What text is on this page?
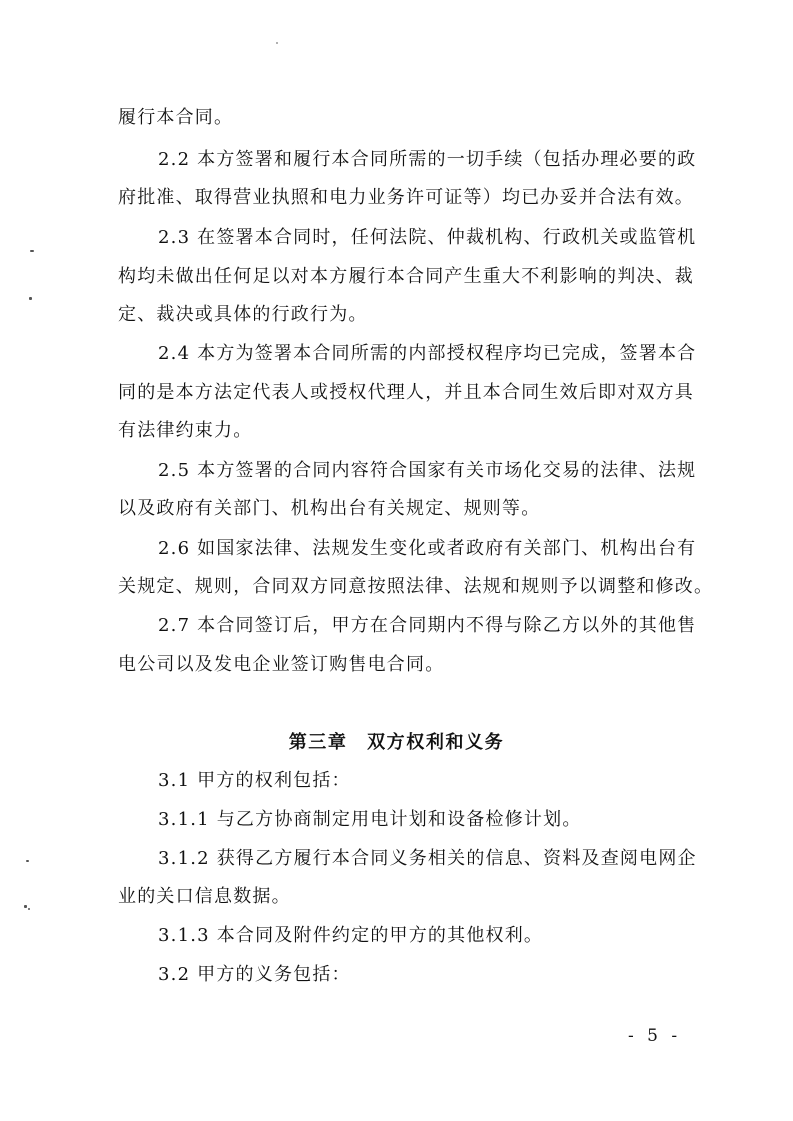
履行本合同。
2.2 本方签署和履行本合同所需的一切手续（包括办理必要的政
府批准、取得营业执照和电力业务许可证等）均已办妥并合法有效。
2.3 在签署本合同时，任何法院、仲裁机构、行政机关或监管机
构均未做出任何足以对本方履行本合同产生重大不利影响的判决、裁
定、裁决或具体的行政行为。
2.4 本方为签署本合同所需的内部授权程序均已完成，签署本合
同的是本方法定代表人或授权代理人，并且本合同生效后即对双方具
有法律约束力。
2.5 本方签署的合同内容符合国家有关市场化交易的法律、法规
以及政府有关部门、机构出台有关规定、规则等。
2.6 如国家法律、法规发生变化或者政府有关部门、机构出台有
关规定、规则，合同双方同意按照法律、法规和规则予以调整和修改。
2.7 本合同签订后，甲方在合同期内不得与除乙方以外的其他售
电公司以及发电企业签订购售电合同。
第三章　双方权利和义务
3.1 甲方的权利包括：
3.1.1 与乙方协商制定用电计划和设备检修计划。
3.1.2 获得乙方履行本合同义务相关的信息、资料及查阅电网企
业的关口信息数据。
3.1.3 本合同及附件约定的甲方的其他权利。
3.2 甲方的义务包括：
- 5 -
